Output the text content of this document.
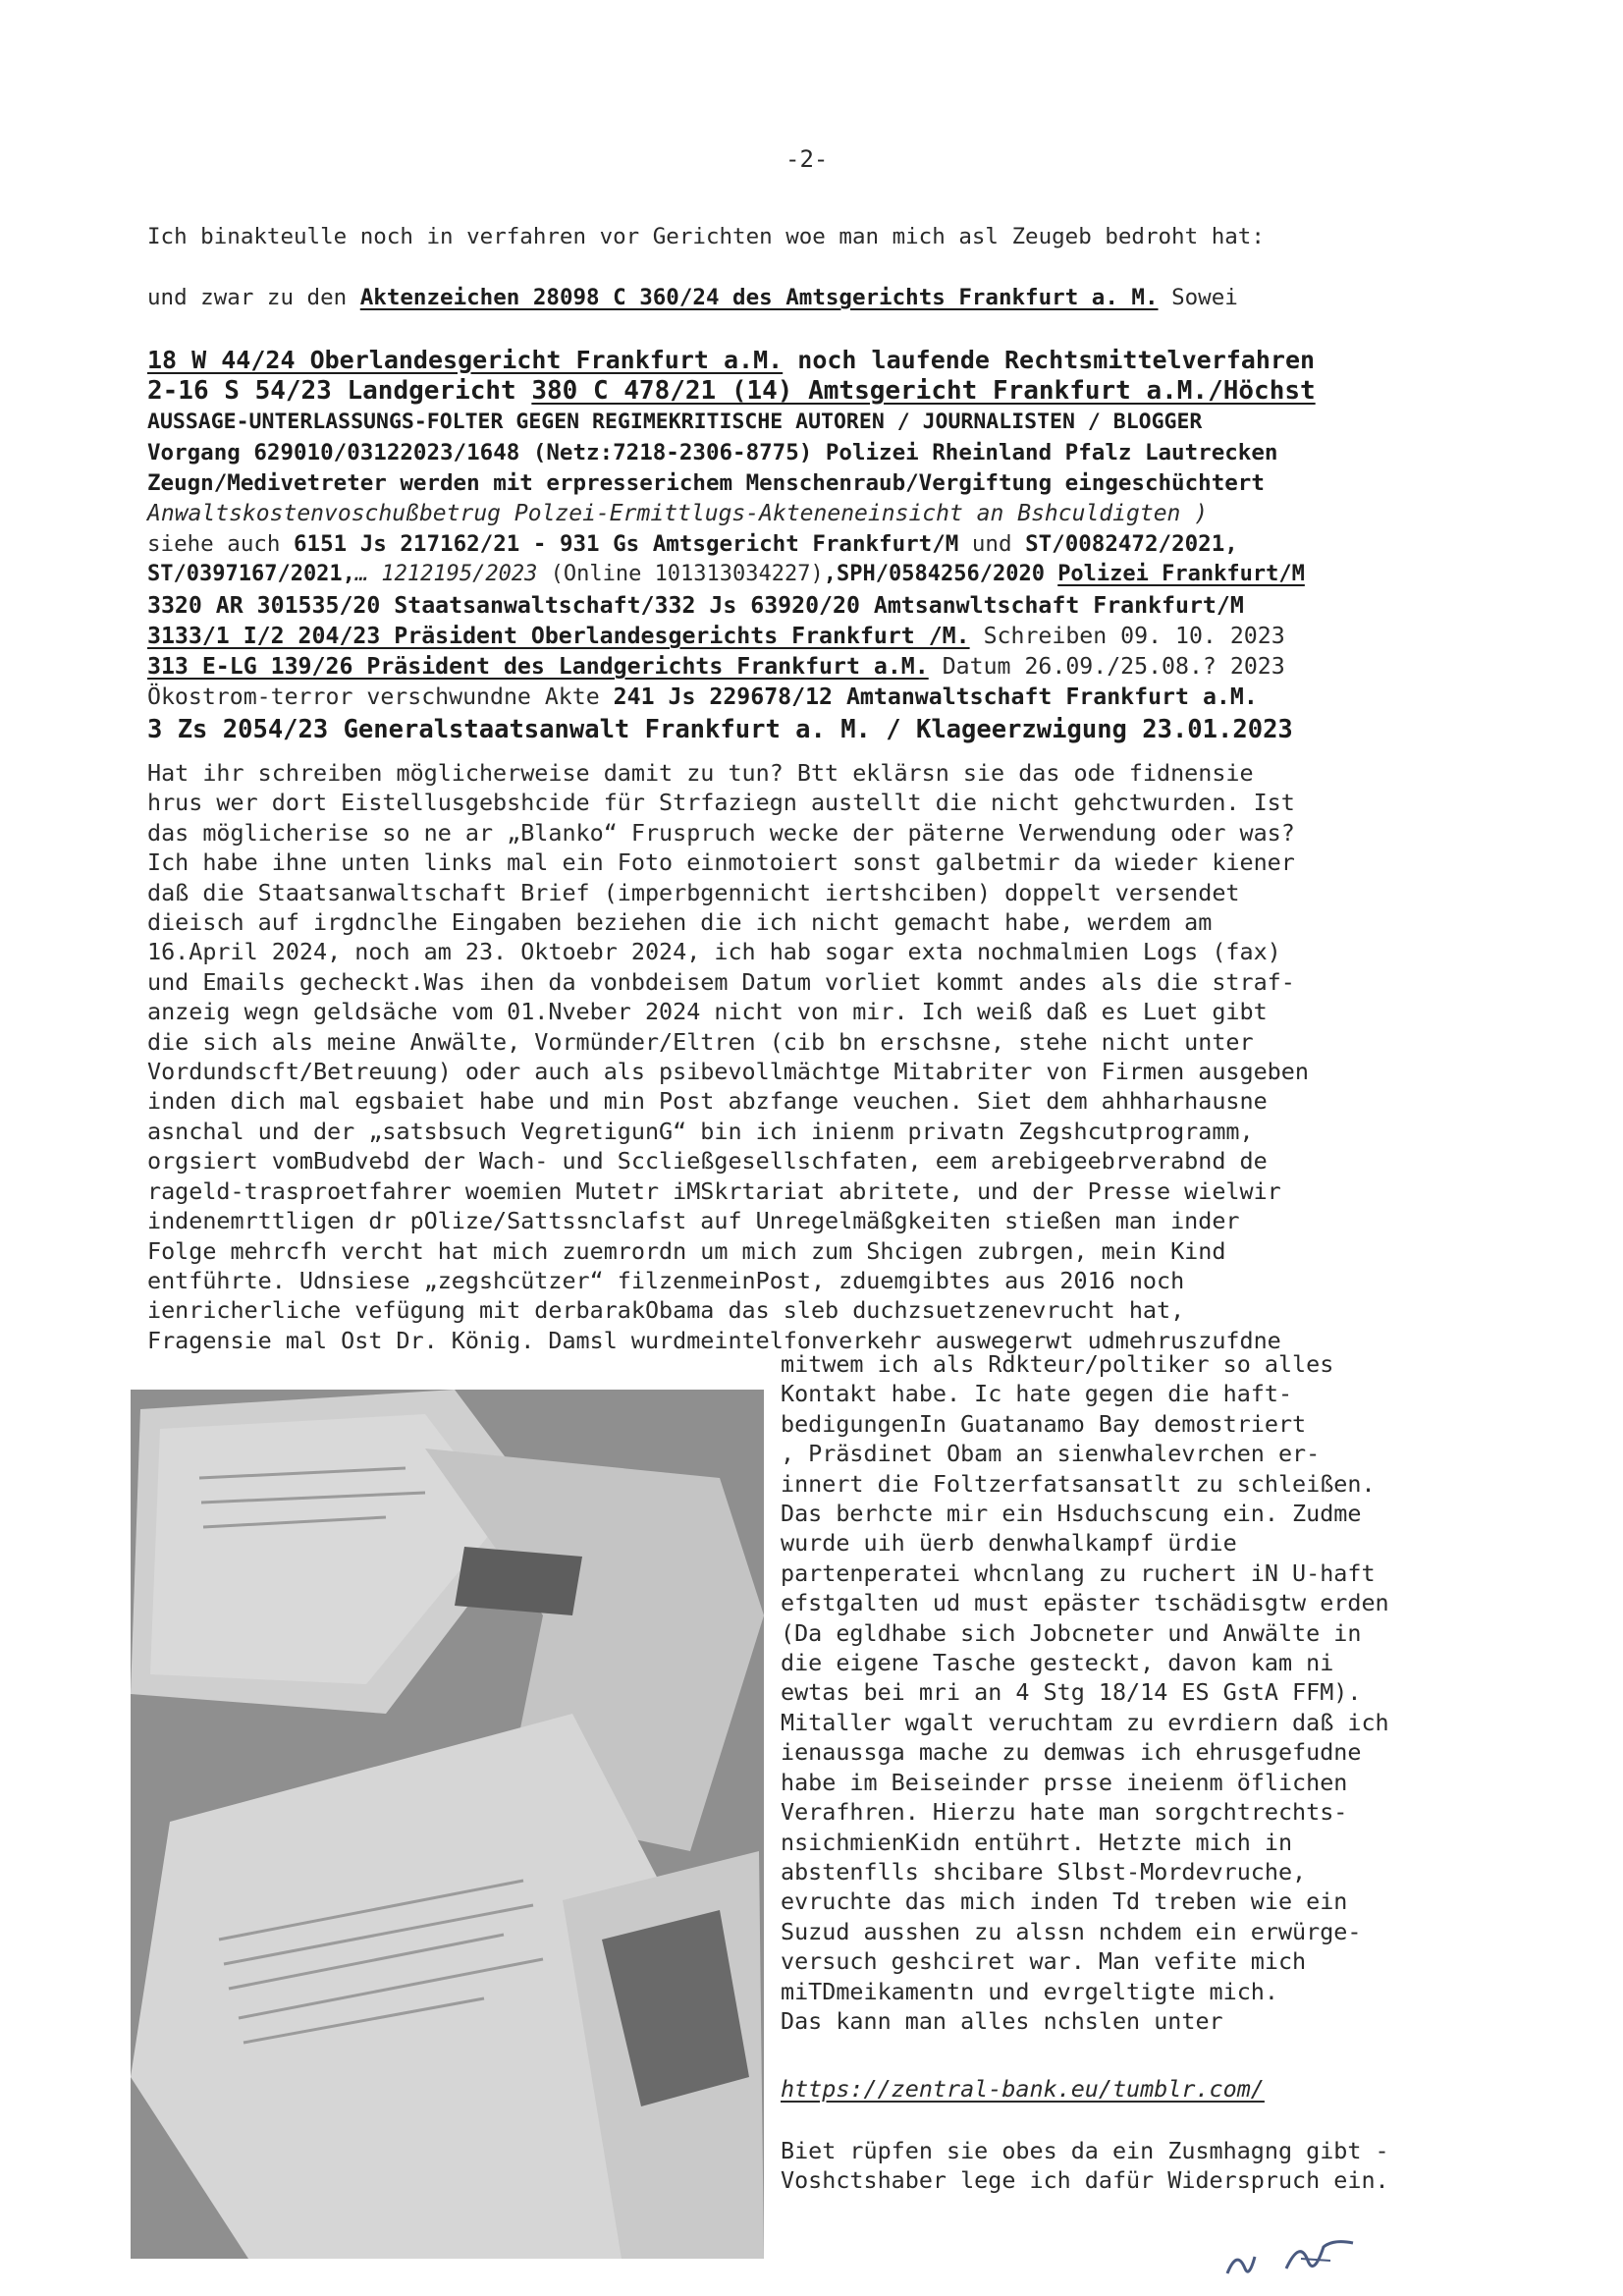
-2-
Ich binakteulle noch in verfahren vor Gerichten woe man mich asl Zeugeb bedroht hat:
und zwar zu den Aktenzeichen 28098 C 360/24 des Amtsgerichts Frankfurt a. M. Sowei
18 W 44/24 Oberlandesgericht Frankfurt a.M. noch laufende Rechtsmittelverfahren
2-16 S 54/23 Landgericht 380 C 478/21 (14) Amtsgericht Frankfurt a.M./Höchst
AUSSAGE-UNTERLASSUNGS-FOLTER GEGEN REGIMEKRITISCHE AUTOREN / JOURNALISTEN / BLOGGER
Vorgang 629010/03122023/1648 (Netz:7218-2306-8775) Polizei Rheinland Pfalz Lautrecken
Zeugn/Medivetreter werden mit erpresserichem Menschenraub/Vergiftung eingeschüchtert
Anwaltskostenvoschußbetrug Polzei-Ermittlugs-Akteneneinsicht an Bshculdigten )
siehe auch 6151 Js 217162/21 - 931 Gs Amtsgericht Frankfurt/M und ST/0082472/2021,
ST/0397167/2021,… 1212195/2023 (Online 101313034227),SPH/0584256/2020 Polizei Frankfurt/M
3320 AR 301535/20 Staatsanwaltschaft/332 Js 63920/20 Amtsanwltschaft Frankfurt/M
3133/1 I/2 204/23 Präsident Oberlandesgerichts Frankfurt /M. Schreiben 09. 10. 2023
313 E-LG 139/26 Präsident des Landgerichts Frankfurt a.M. Datum 26.09./25.08.? 2023
Ökostrom-terror verschwundne Akte 241 Js 229678/12 Amtanwaltschaft Frankfurt a.M.
3 Zs 2054/23 Generalstaatsanwalt Frankfurt a. M. / Klageerzwigung 23.01.2023
Hat ihr schreiben möglicherweise damit zu tun? Btt eklärsn sie das ode fidnensie
hrus wer dort Eistellusgebshcide für Strfaziegn austellt die nicht gehctwurden. Ist
das möglicherise so ne ar „Blanko“ Fruspruch wecke der päterne Verwendung oder was?
Ich habe ihne unten links mal ein Foto einmotoiert sonst galbetmir da wieder kiener
daß die Staatsanwaltschaft Brief (imperbgennicht iertshciben) doppelt versendet
dieisch auf irgdnclhe Eingaben beziehen die ich nicht gemacht habe, werdem am
16.April 2024, noch am 23. Oktoebr 2024, ich hab sogar exta nochmalmien Logs (fax)
und Emails gecheckt.Was ihen da vonbdeisem Datum vorliet kommt andes als die straf-
anzeig wegn geldsäche vom 01.Nveber 2024 nicht von mir. Ich weiß daß es Luet gibt
die sich als meine Anwälte, Vormünder/Eltren (cib bn erschsne, stehe nicht unter
Vordundscft/Betreuung) oder auch als psibevollmächtge Mitabriter von Firmen ausgeben
inden dich mal egsbaiet habe und min Post abzfange veuchen. Siet dem ahhharhausne
asnchal und der „satsbsuch VegretigunG“ bin ich inienm privatn Zegshcutprogramm,
orgsiert vomBudvebd der Wach- und Sccließgesellschfaten, eem arebigeebrverabnd de
rageld-trasproetfahrer woemien Mutetr iMSkrtariat abritete, und der Presse wielwir
indenemrttligen dr pOlize/Sattssnclafst auf Unregelmäßgkeiten stießen man inder
Folge mehrcfh vercht hat mich zuemrordn um mich zum Shcigen zubrgen, mein Kind
entführte. Udnsiese „zegshcützer“ filzenmeinPost, zduemgibtes aus 2016 noch
ienricherliche vefügung mit derbarakObama das sleb duchzsuetzenevrucht hat,
Fragensie mal Ost Dr. König. Damsl wurdmeintelfonverkehr auswegerwt udmehruszufdne
mitwem ich als Rdkteur/poltiker so alles
Kontakt habe. Ic hate gegen die haft-
bedigungenIn Guatanamo Bay demostriert
, Präsdinet Obam an sienwhalevrchen er-
innert die Foltzerfatsansatlt zu schleißen.
Das berhcte mir ein Hsduchscung ein. Zudme
wurde uih üerb denwhalkampf ürdie
partenperatei whcnlang zu ruchert iN U-haft
efstgalten ud must epäster tschädisgtw erden
(Da egldhabe sich Jobcneter und Anwälte in
die eigene Tasche gesteckt, davon kam ni
ewtas bei mri an 4 Stg 18/14 ES GstA FFM).
Mitaller wgalt veruchtam zu evrdiern daß ich
ienaussga mache zu demwas ich ehrusgefudne
habe im Beiseinder prsse ineienm öflichen
Verafhren. Hierzu hate man sorgchtrechts-
nsichmienKidn entührt. Hetzte mich in
abstenflls shcibare Slbst-Mordevruche,
evruchte das mich inden Td treben wie ein
Suzud ausshen zu alssn nchdem ein erwürge-
versuch geshciret war. Man vefite mich
miTDmeikamentn und evrgeltigte mich.
Das kann man alles nchslen unter
https://zentral-bank.eu/tumblr.com/
Biet rüpfen sie obes da ein Zusmhagng gibt -
Voshctshaber lege ich dafür Widerspruch ein.
